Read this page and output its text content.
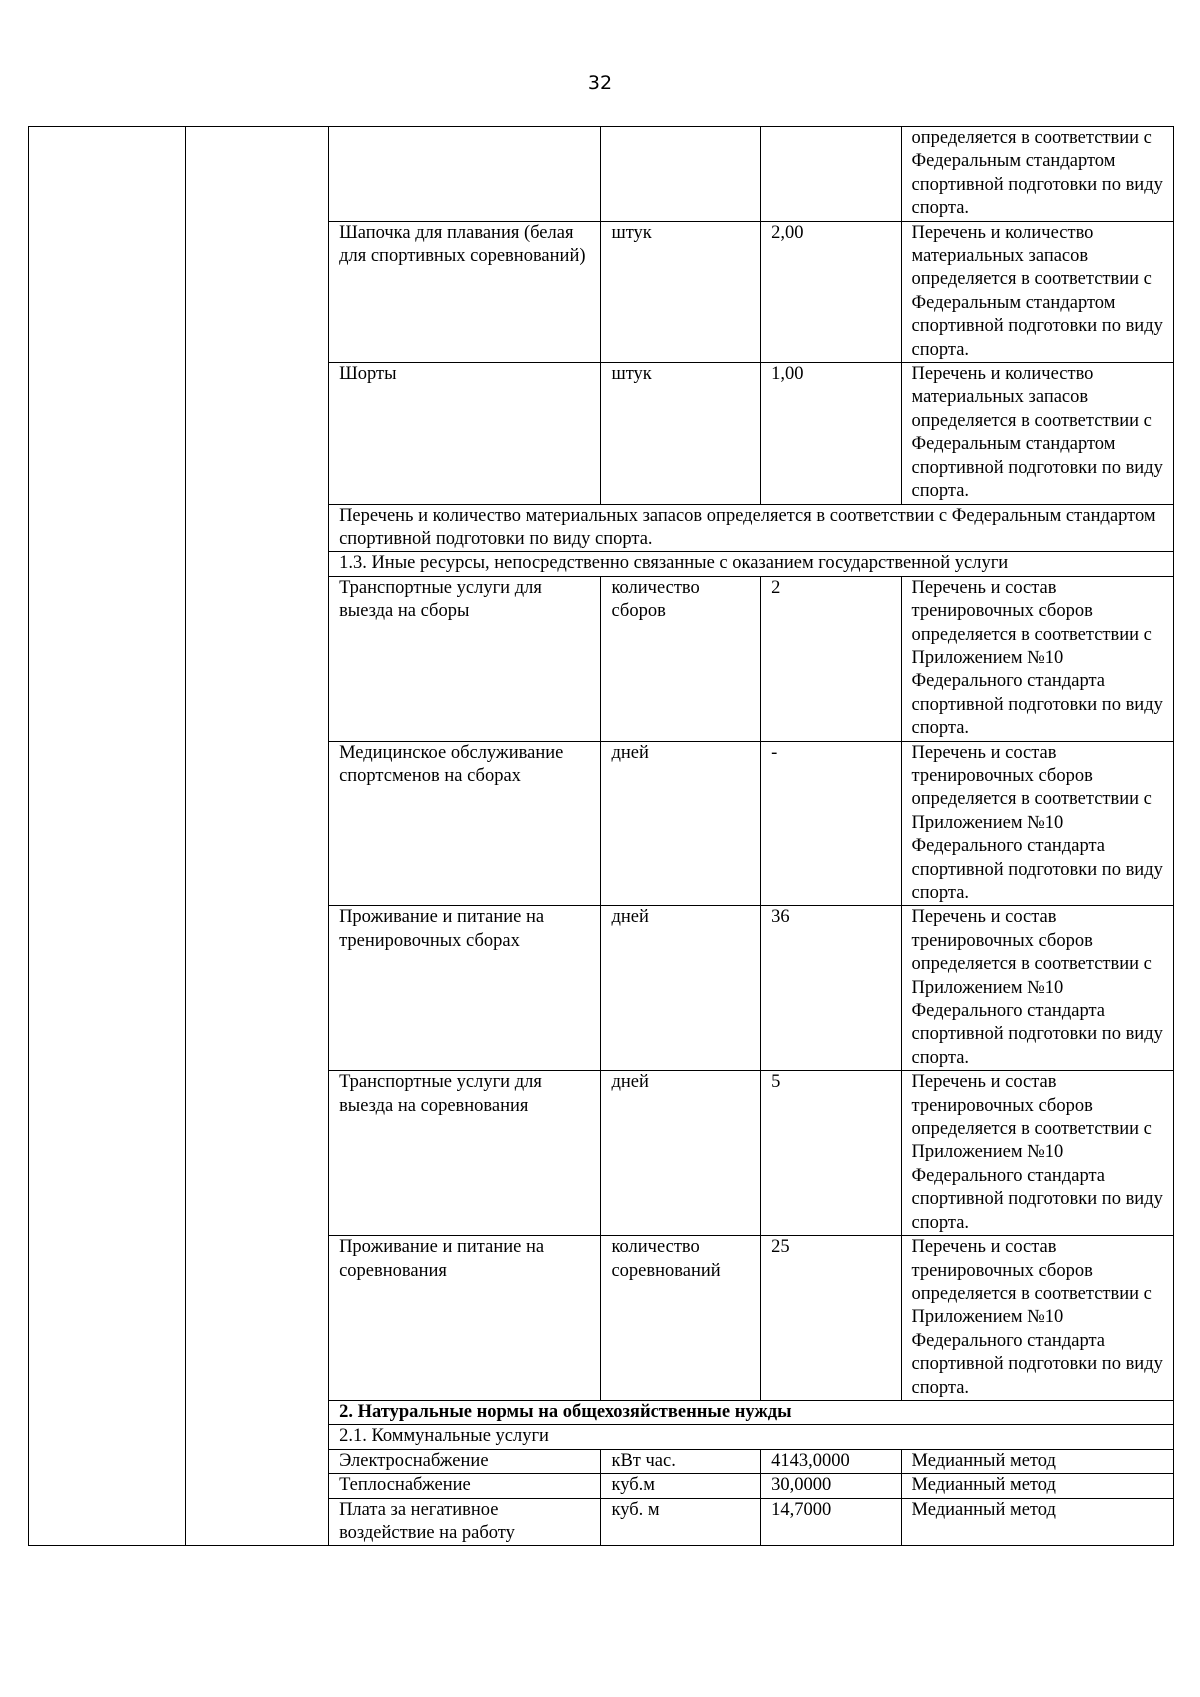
32
					определяется в соответствии с Федеральным стандартом спортивной подготовки по виду спорта.
		Шапочка для плавания (белая для спортивных соревнований)	штук	2,00	Перечень и количество материальных запасов определяется в соответствии с Федеральным стандартом спортивной подготовки по виду спорта.
		Шорты	штук	1,00	Перечень и количество материальных запасов определяется в соответствии с Федеральным стандартом спортивной подготовки по виду спорта.
		Перечень и количество материальных запасов определяется в соответствии с Федеральным стандартом спортивной подготовки по виду спорта.			
		1.3. Иные ресурсы, непосредственно связанные с оказанием государственной услуги			
		Транспортные услуги для выезда на сборы	количество сборов	2	Перечень и состав тренировочных сборов определяется в соответствии с Приложением №10 Федерального стандарта спортивной подготовки по виду спорта.
		Медицинское обслуживание спортсменов на сборах	дней	-	Перечень и состав тренировочных сборов определяется в соответствии с Приложением №10 Федерального стандарта спортивной подготовки по виду спорта.
		Проживание и питание на тренировочных сборах	дней	36	Перечень и состав тренировочных сборов определяется в соответствии с Приложением №10 Федерального стандарта спортивной подготовки по виду спорта.
		Транспортные услуги для выезда на соревнования	дней	5	Перечень и состав тренировочных сборов определяется в соответствии с Приложением №10 Федерального стандарта спортивной подготовки по виду спорта.
		Проживание и питание на соревнования	количество соревнований	25	Перечень и состав тренировочных сборов определяется в соответствии с Приложением №10 Федерального стандарта спортивной подготовки по виду спорта.
		2. Натуральные нормы на общехозяйственные нужды			
		2.1. Коммунальные услуги			
		Электроснабжение	кВт час.	4143,0000	Медианный метод
		Теплоснабжение	куб.м	30,0000	Медианный метод
		Плата за негативное воздействие на работу	куб. м	14,7000	Медианный метод
